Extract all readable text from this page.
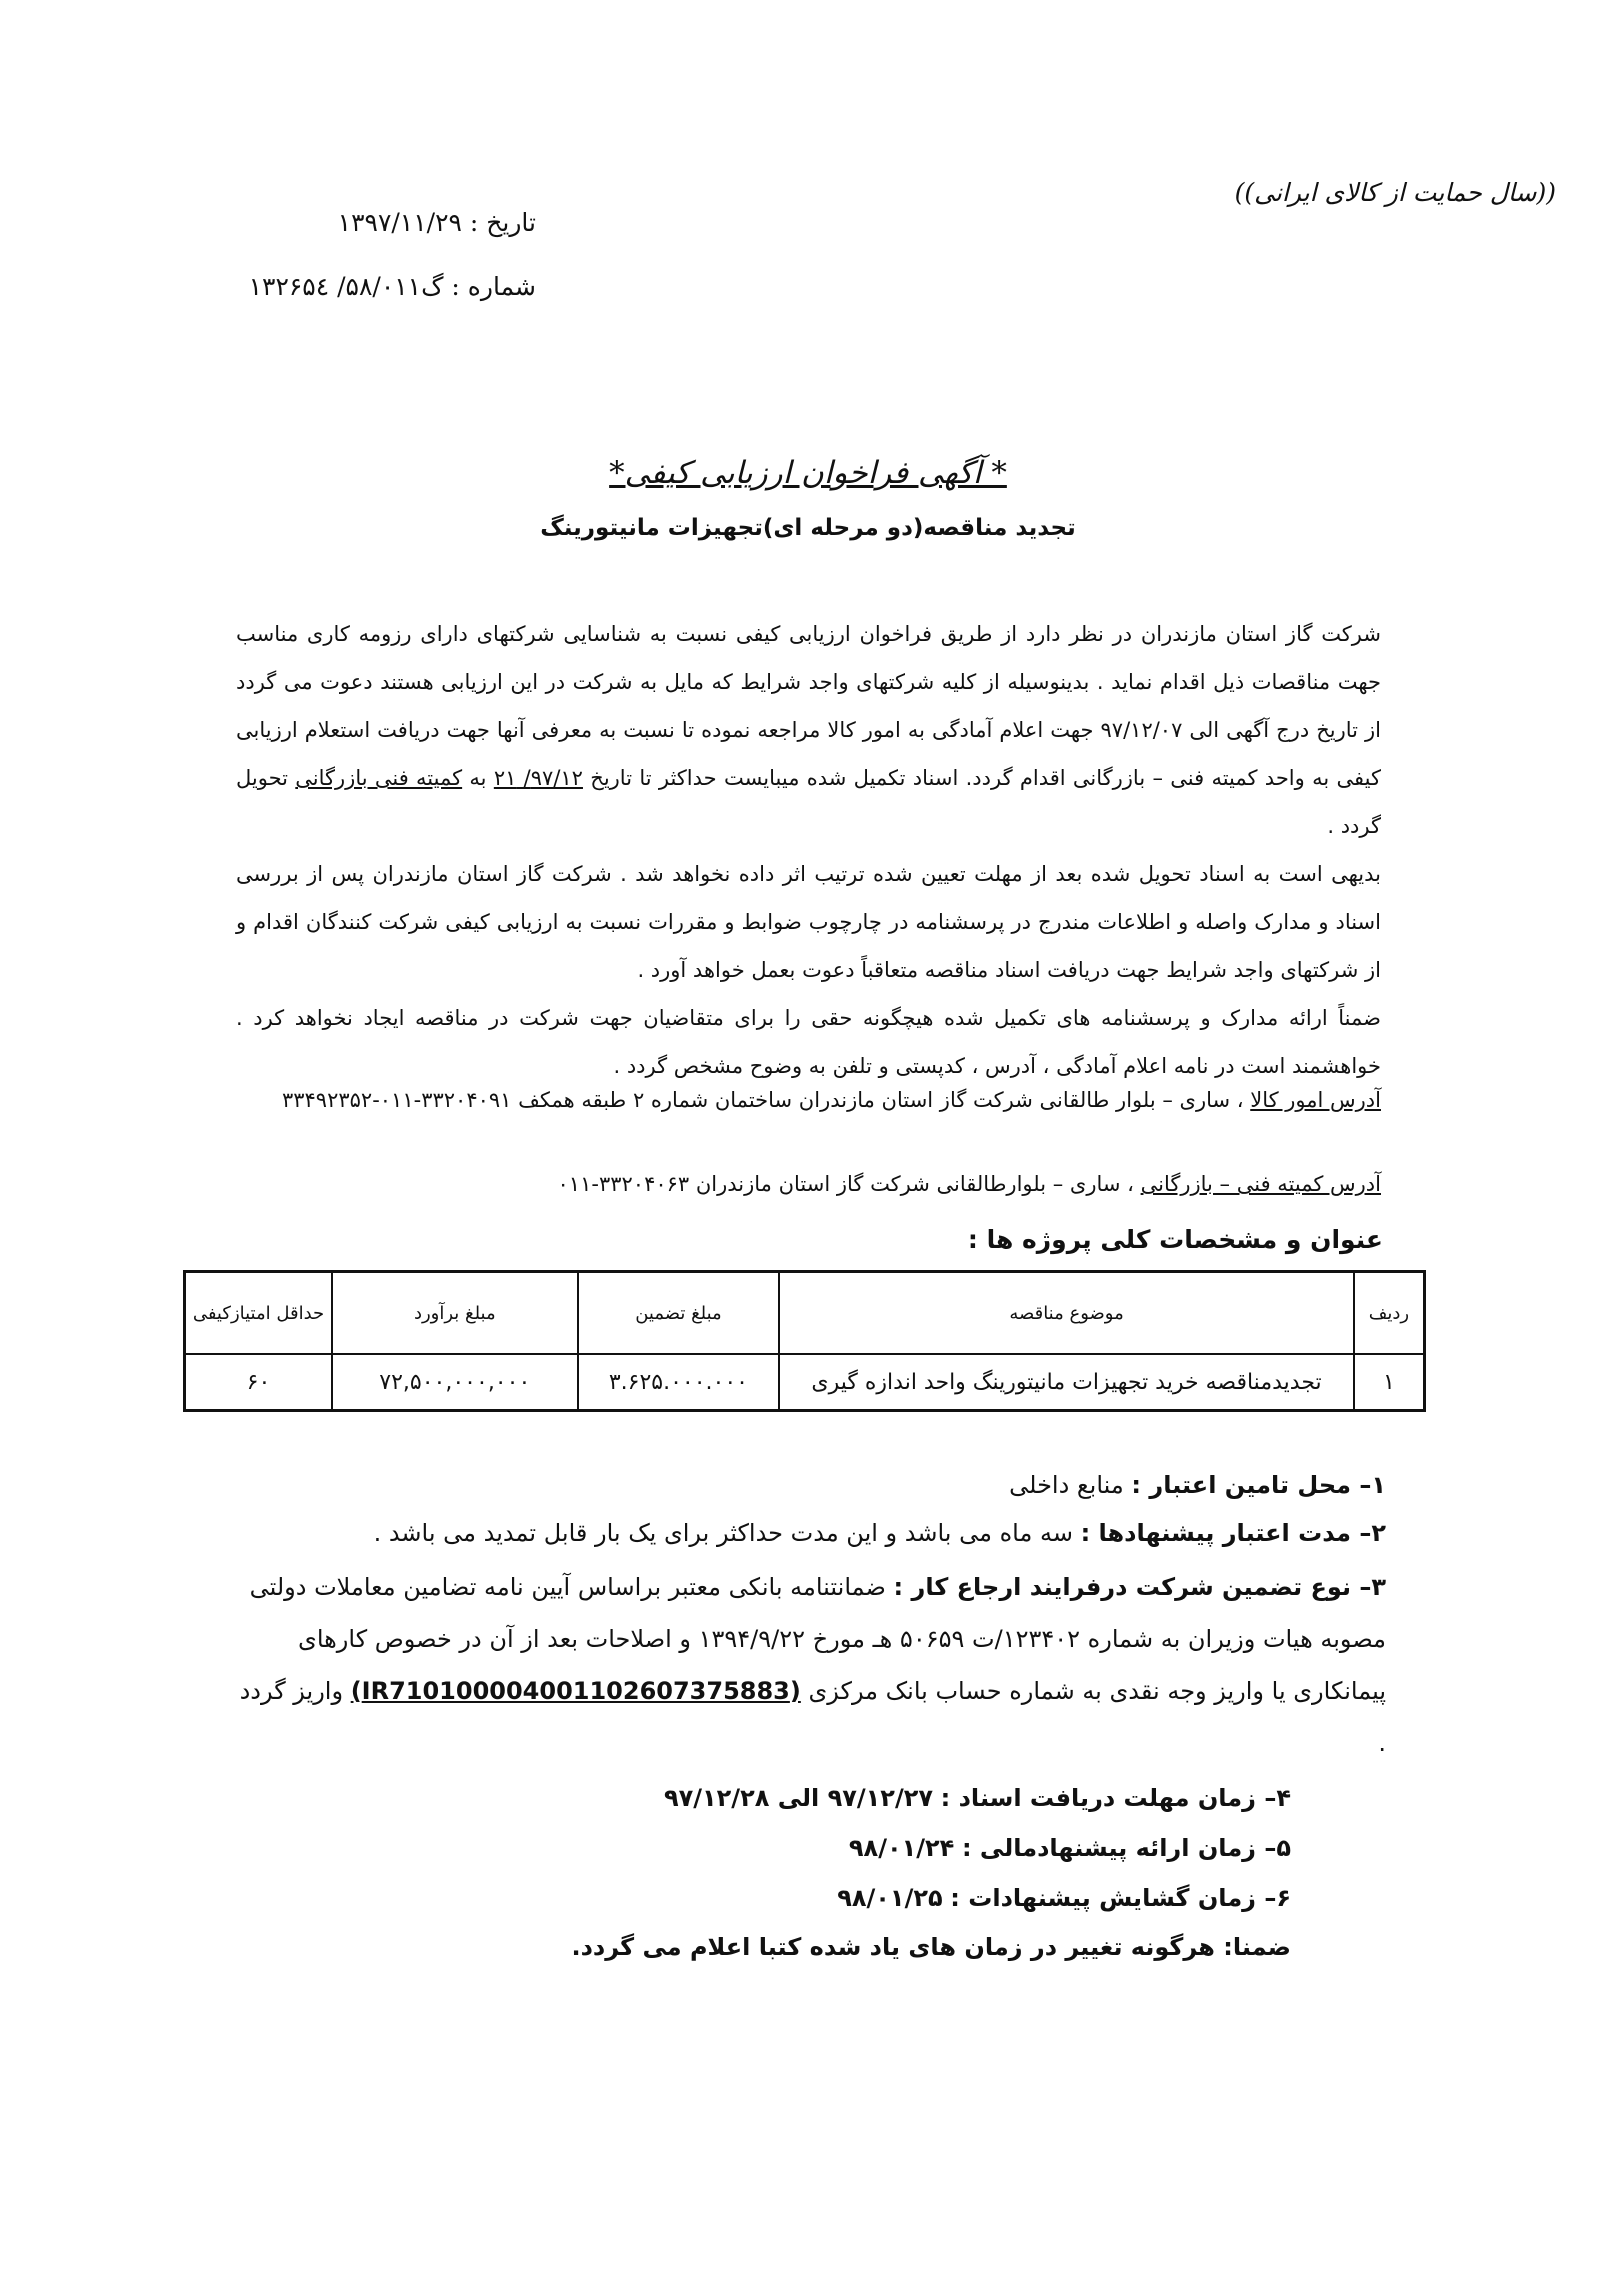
((سال حمایت از کالای ایرانی))
تاریخ : ۱۳۹۷/۱۱/۲۹
شماره : گ۵۸/۰۱۱/ ۱۳۲۶۵٤
* آگهی فراخوان ارزیابی کیفی*
تجدید مناقصه(دو مرحله ای)تجهیزات مانیتورینگ

شرکت گاز استان مازندران در نظر دارد از طریق فراخوان ارزیابی کیفی نسبت به شناسایی شرکتهای دارای رزومه کاری مناسب جهت مناقصات ذیل اقدام نماید . بدینوسیله از کلیه شرکتهای واجد شرایط که مایل به شرکت در این ارزیابی هستند دعوت می گردد از تاریخ درج آگهی الی ۹۷/۱۲/۰۷ جهت اعلام آمادگی به امور کالا مراجعه نموده تا نسبت به معرفی آنها جهت دریافت استعلام ارزیابی کیفی به واحد کمیته فنی – بازرگانی اقدام گردد. اسناد تکمیل شده میبایست حداکثر تا تاریخ ۹۷/۱۲/ ۲۱ به کمیته فنی بازرگانی تحویل گردد .

بدیهی است به اسناد تحویل شده بعد از مهلت تعیین شده ترتیب اثر داده نخواهد شد . شرکت گاز استان مازندران پس از بررسی اسناد و مدارک واصله و اطلاعات مندرج در پرسشنامه در چارچوب ضوابط و مقررات نسبت به ارزیابی کیفی شرکت کنندگان اقدام و از شرکتهای واجد شرایط جهت دریافت اسناد مناقصه متعاقباً دعوت بعمل خواهد آورد .

ضمناً ارائه مدارک و پرسشنامه های تکمیل شده هیچگونه حقی را برای متقاضیان جهت شرکت در مناقصه ایجاد نخواهد کرد . خواهشمند است در نامه اعلام آمادگی ، آدرس ، کدپستی و تلفن به وضوح مشخص گردد .

آدرس امور کالا ، ساری – بلوار طالقانی شرکت گاز استان مازندران ساختمان شماره ۲ طبقه همکف ۳۳۲۰۴۰۹۱-۰۱۱-۳۳۴۹۲۳۵۲
آدرس کمیته فنی – بازرگانی ، ساری – بلوارطالقانی شرکت گاز استان مازندران ۳۳۲۰۴۰۶۳-۰۱۱
عنوان و مشخصات کلی پروژه ها :
ردیف	موضوع مناقصه	مبلغ تضمین	مبلغ برآورد	حداقل امتیازکیفی
۱	تجدیدمناقصه خرید تجهیزات مانیتورینگ واحد اندازه گیری	۳.۶۲۵.۰۰۰.۰۰۰	۷۲,۵۰۰,۰۰۰,۰۰۰	۶۰

۱– محل تامین اعتبار : منابع داخلی

۲– مدت اعتبار پیشنهادها : سه ماه می باشد و این مدت حداکثر برای یک بار قابل تمدید می باشد .

۳– نوع تضمین شرکت درفرایند ارجاع کار : ضمانتنامه بانکی معتبر براساس آیین نامه تضامین معاملات دولتی مصوبه هیات وزیران به شماره ۱۲۳۴۰۲/ت ۵۰۶۵۹ هـ مورخ ۱۳۹۴/۹/۲۲ و اصلاحات بعد از آن در خصوص کارهای پیمانکاری یا واریز وجه نقدی به شماره حساب بانک مرکزی (IR710100004001102607375883) واریز گردد .

۴– زمان مهلت دریافت اسناد : ۹۷/۱۲/۲۷ الی ۹۷/۱۲/۲۸

۵– زمان ارائه پیشنهادمالی : ۹۸/۰۱/۲۴

۶– زمان گشایش پیشنهادات : ۹۸/۰۱/۲۵

ضمنا: هرگونه تغییر در زمان های یاد شده کتبا اعلام می گردد.
